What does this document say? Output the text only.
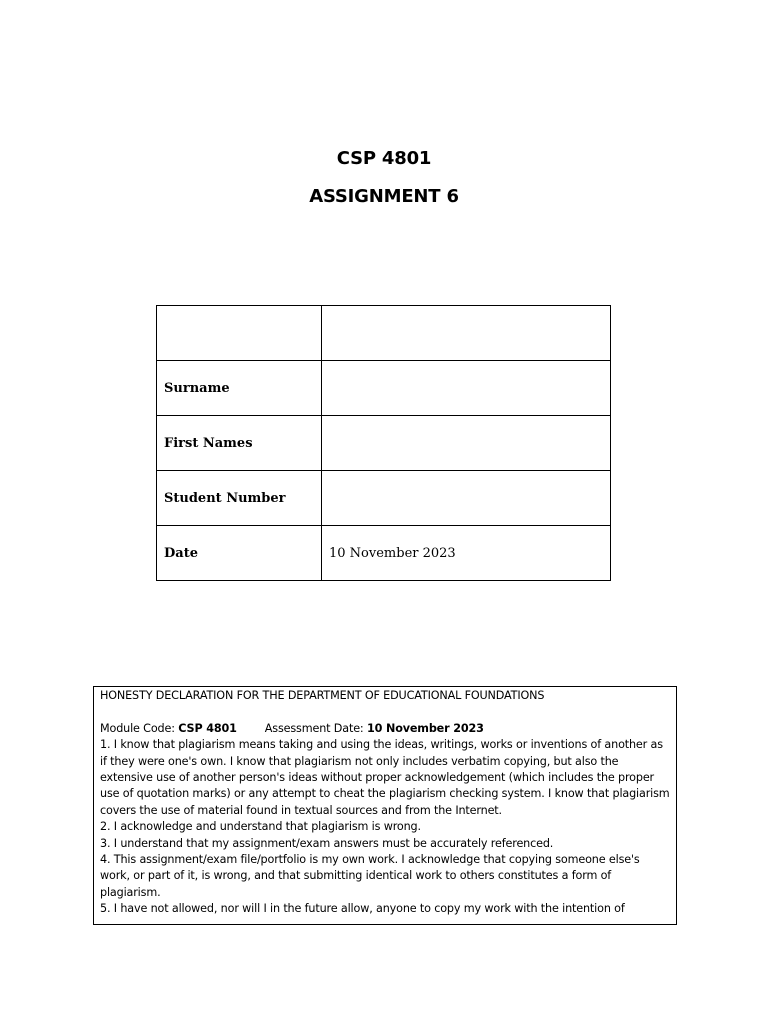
CSP 4801
ASSIGNMENT 6

Surname	
First Names	
Student Number	
Date	10 November 2023

HONESTY DECLARATION FOR THE DEPARTMENT OF EDUCATIONAL FOUNDATIONS

Module Code: CSP 4801	Assessment Date: 10 November 2023

1. I know that plagiarism means taking and using the ideas, writings, works or inventions of another as if they were one's own. I know that plagiarism not only includes verbatim copying, but also the extensive use of another person's ideas without proper acknowledgement (which includes the proper use of quotation marks) or any attempt to cheat the plagiarism checking system. I know that plagiarism covers the use of material found in textual sources and from the Internet.

2. I acknowledge and understand that plagiarism is wrong.

3. I understand that my assignment/exam answers must be accurately referenced.

4. This assignment/exam file/portfolio is my own work. I acknowledge that copying someone else's work, or part of it, is wrong, and that submitting identical work to others constitutes a form of plagiarism.

5. I have not allowed, nor will I in the future allow, anyone to copy my work with the intention of
